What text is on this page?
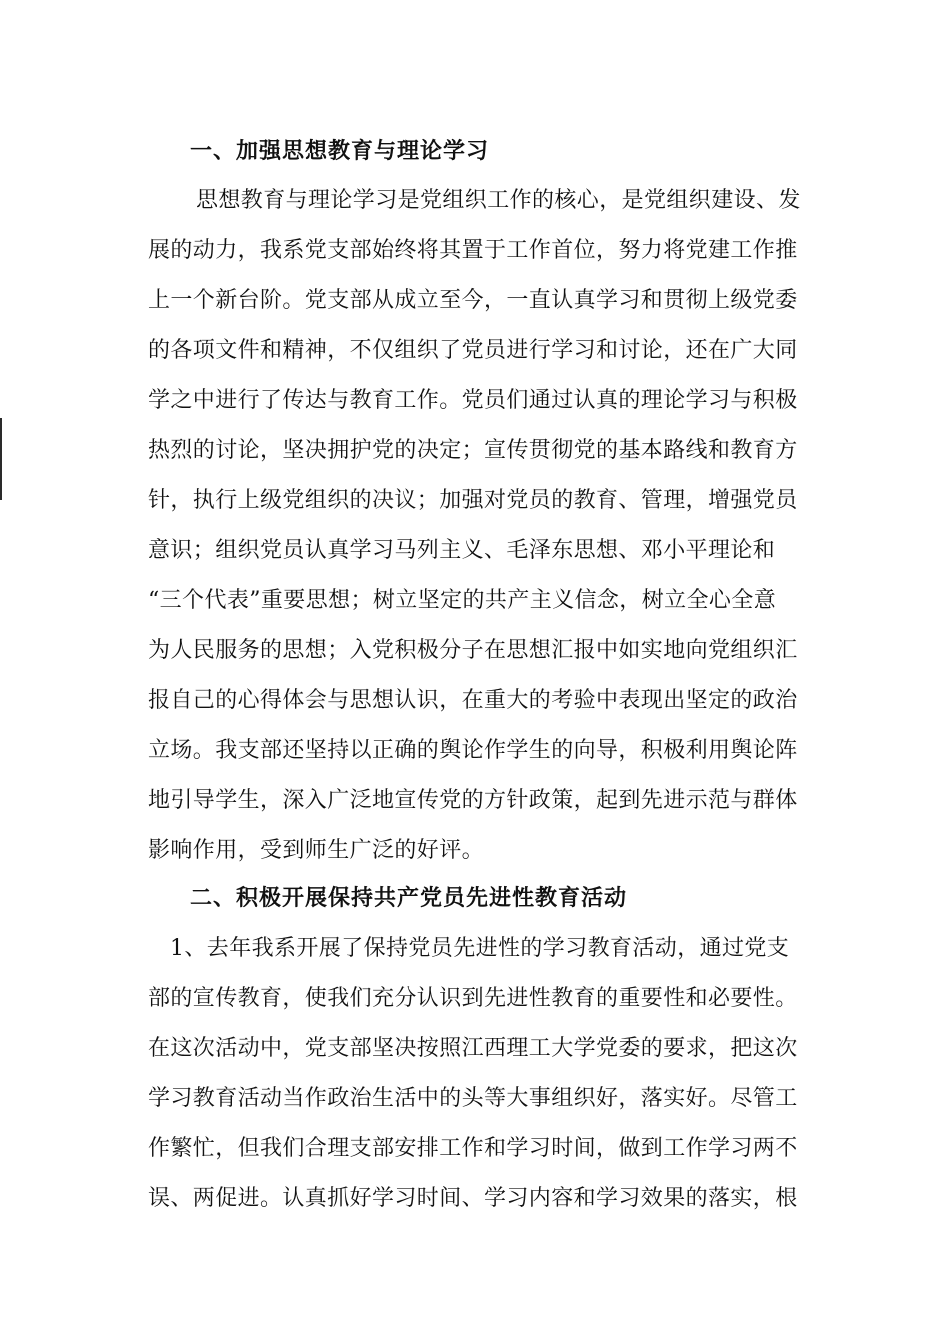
一、加强思想教育与理论学习
思想教育与理论学习是党组织工作的核心，是党组织建设、发
展的动力，我系党支部始终将其置于工作首位，努力将党建工作推
上一个新台阶。党支部从成立至今，一直认真学习和贯彻上级党委
的各项文件和精神，不仅组织了党员进行学习和讨论，还在广大同
学之中进行了传达与教育工作。党员们通过认真的理论学习与积极
热烈的讨论，坚决拥护党的决定；宣传贯彻党的基本路线和教育方
针，执行上级党组织的决议；加强对党员的教育、管理，增强党员
意识；组织党员认真学习马列主义、毛泽东思想、邓小平理论和
“三个代表”重要思想；树立坚定的共产主义信念，树立全心全意
为人民服务的思想；入党积极分子在思想汇报中如实地向党组织汇
报自己的心得体会与思想认识，在重大的考验中表现出坚定的政治
立场。我支部还坚持以正确的舆论作学生的向导，积极利用舆论阵
地引导学生，深入广泛地宣传党的方针政策，起到先进示范与群体
影响作用，受到师生广泛的好评。
二、积极开展保持共产党员先进性教育活动
1、去年我系开展了保持党员先进性的学习教育活动，通过党支
部的宣传教育，使我们充分认识到先进性教育的重要性和必要性。
在这次活动中，党支部坚决按照江西理工大学党委的要求，把这次
学习教育活动当作政治生活中的头等大事组织好，落实好。尽管工
作繁忙，但我们合理支部安排工作和学习时间，做到工作学习两不
误、两促进。认真抓好学习时间、学习内容和学习效果的落实，根
